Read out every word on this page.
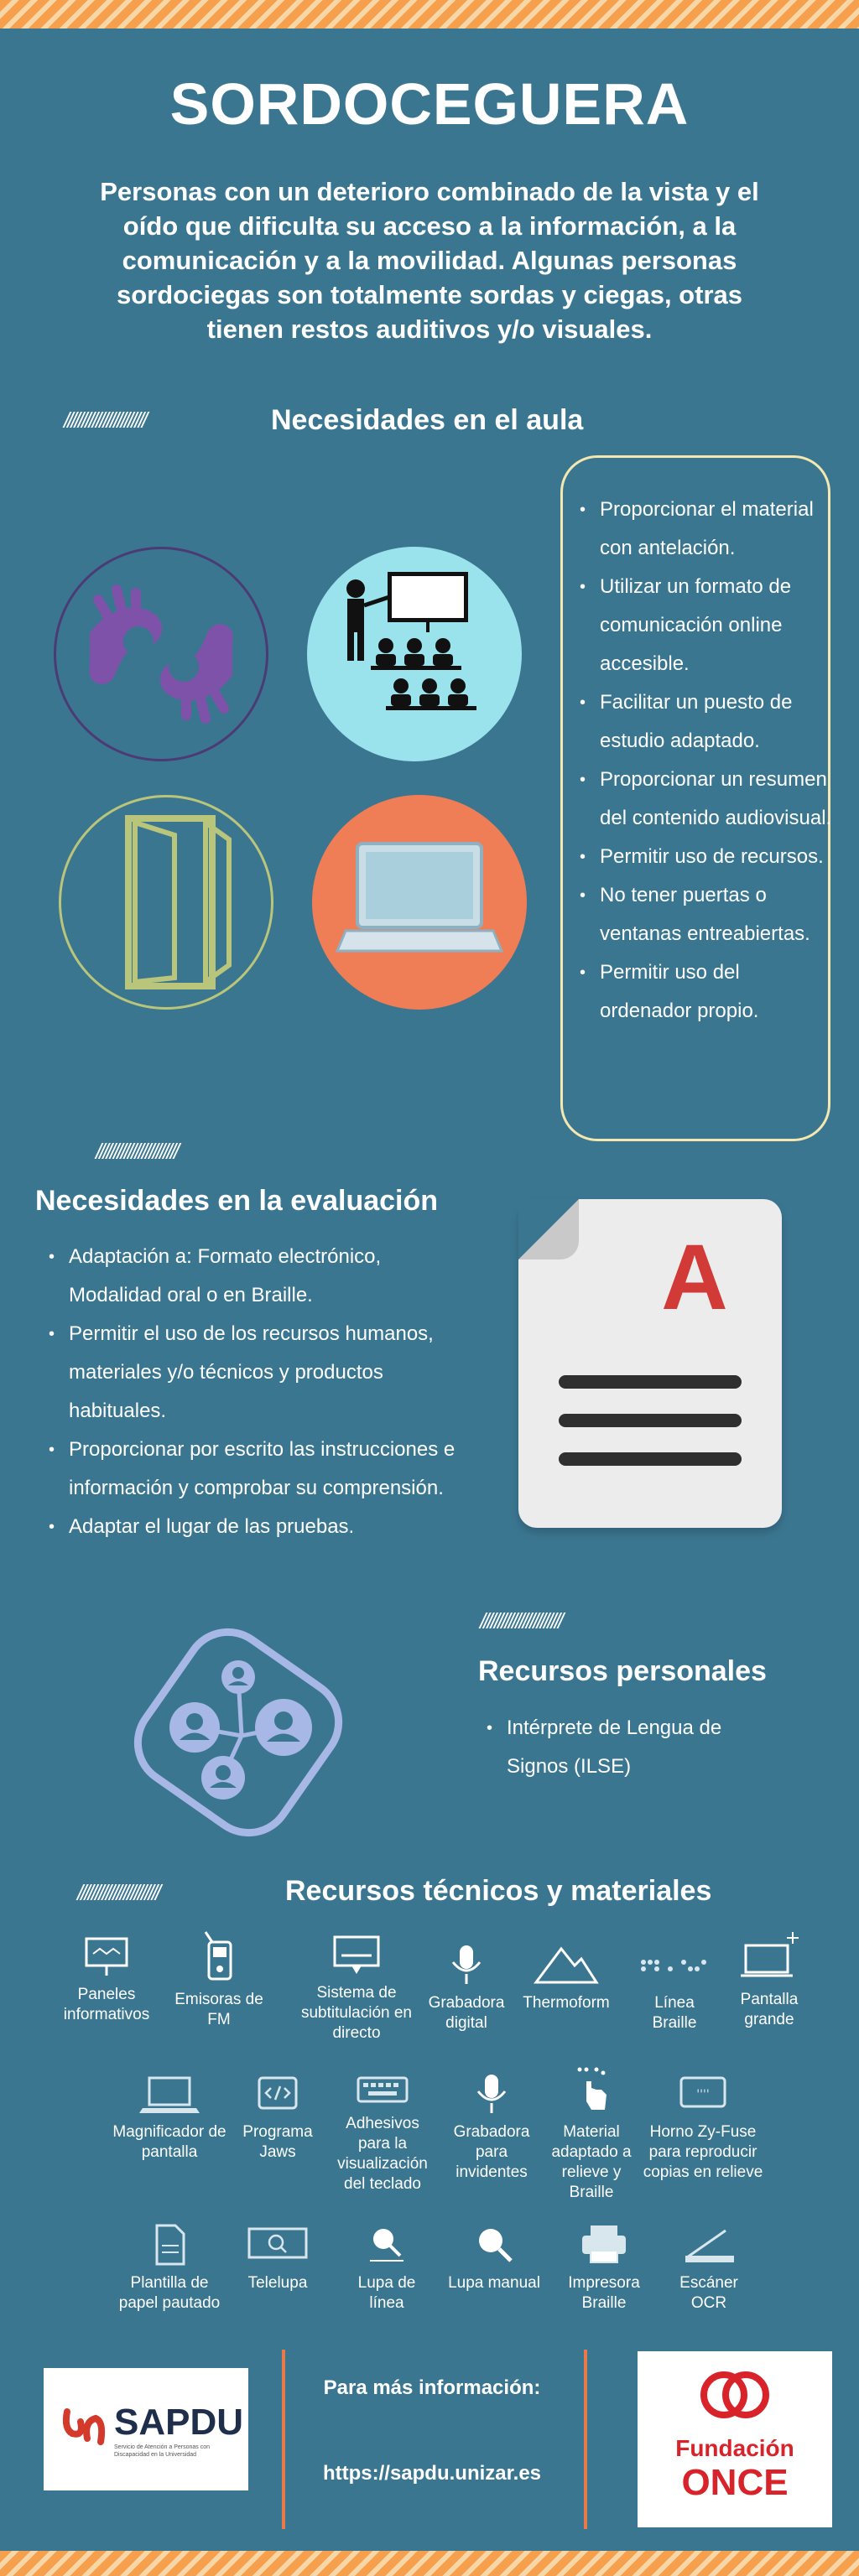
SORDOCEGUERA
Personas con un deterioro combinado de la vista y el oído que dificulta su acceso a la información, a la comunicación y a la movilidad. Algunas personas sordociegas son totalmente sordas y ciegas, otras tienen restos auditivos y/o visuales.
///////////////////////	Necesidades en el aula
• Proporcionar el material con antelación.
• Utilizar un formato de comunicación online accesible.
• Facilitar un puesto de estudio adaptado.
• Proporcionar un resumen del contenido audiovisual.
• Permitir uso de recursos.
• No tener puertas o ventanas entreabiertas.
• Permitir uso del ordenador propio.
///////////////////////
Necesidades en la evaluación
• Adaptación a: Formato electrónico, Modalidad oral o en Braille.
• Permitir el uso de los recursos humanos, materiales y/o técnicos y productos habituales.
• Proporcionar por escrito las instrucciones e información y comprobar su comprensión.
• Adaptar el lugar de las pruebas.
A
///////////////////////
Recursos personales
• Intérprete de Lengua de Signos (ILSE)
///////////////////////	Recursos técnicos y materiales
Paneles informativos
Emisoras de FM
Sistema de subtitulación en directo
Grabadora digital
Thermoform	Línea Braille
Pantalla grande
Magnificador de pantalla
Programa Jaws
Adhesivos para la visualización del teclado
Grabadora para invidentes
Material adaptado a relieve y Braille
''''
Horno Zy-Fuse para reproducir copias en relieve
Plantilla de papel pautado
Telelupa	Lupa de línea
Lupa manual	Impresora Braille
Escáner OCR
SAPDU
Servicio de Atención a Personas con Discapacidad en la Universidad
Para más información:
https://sapdu.unizar.es
Fundación
ONCE
